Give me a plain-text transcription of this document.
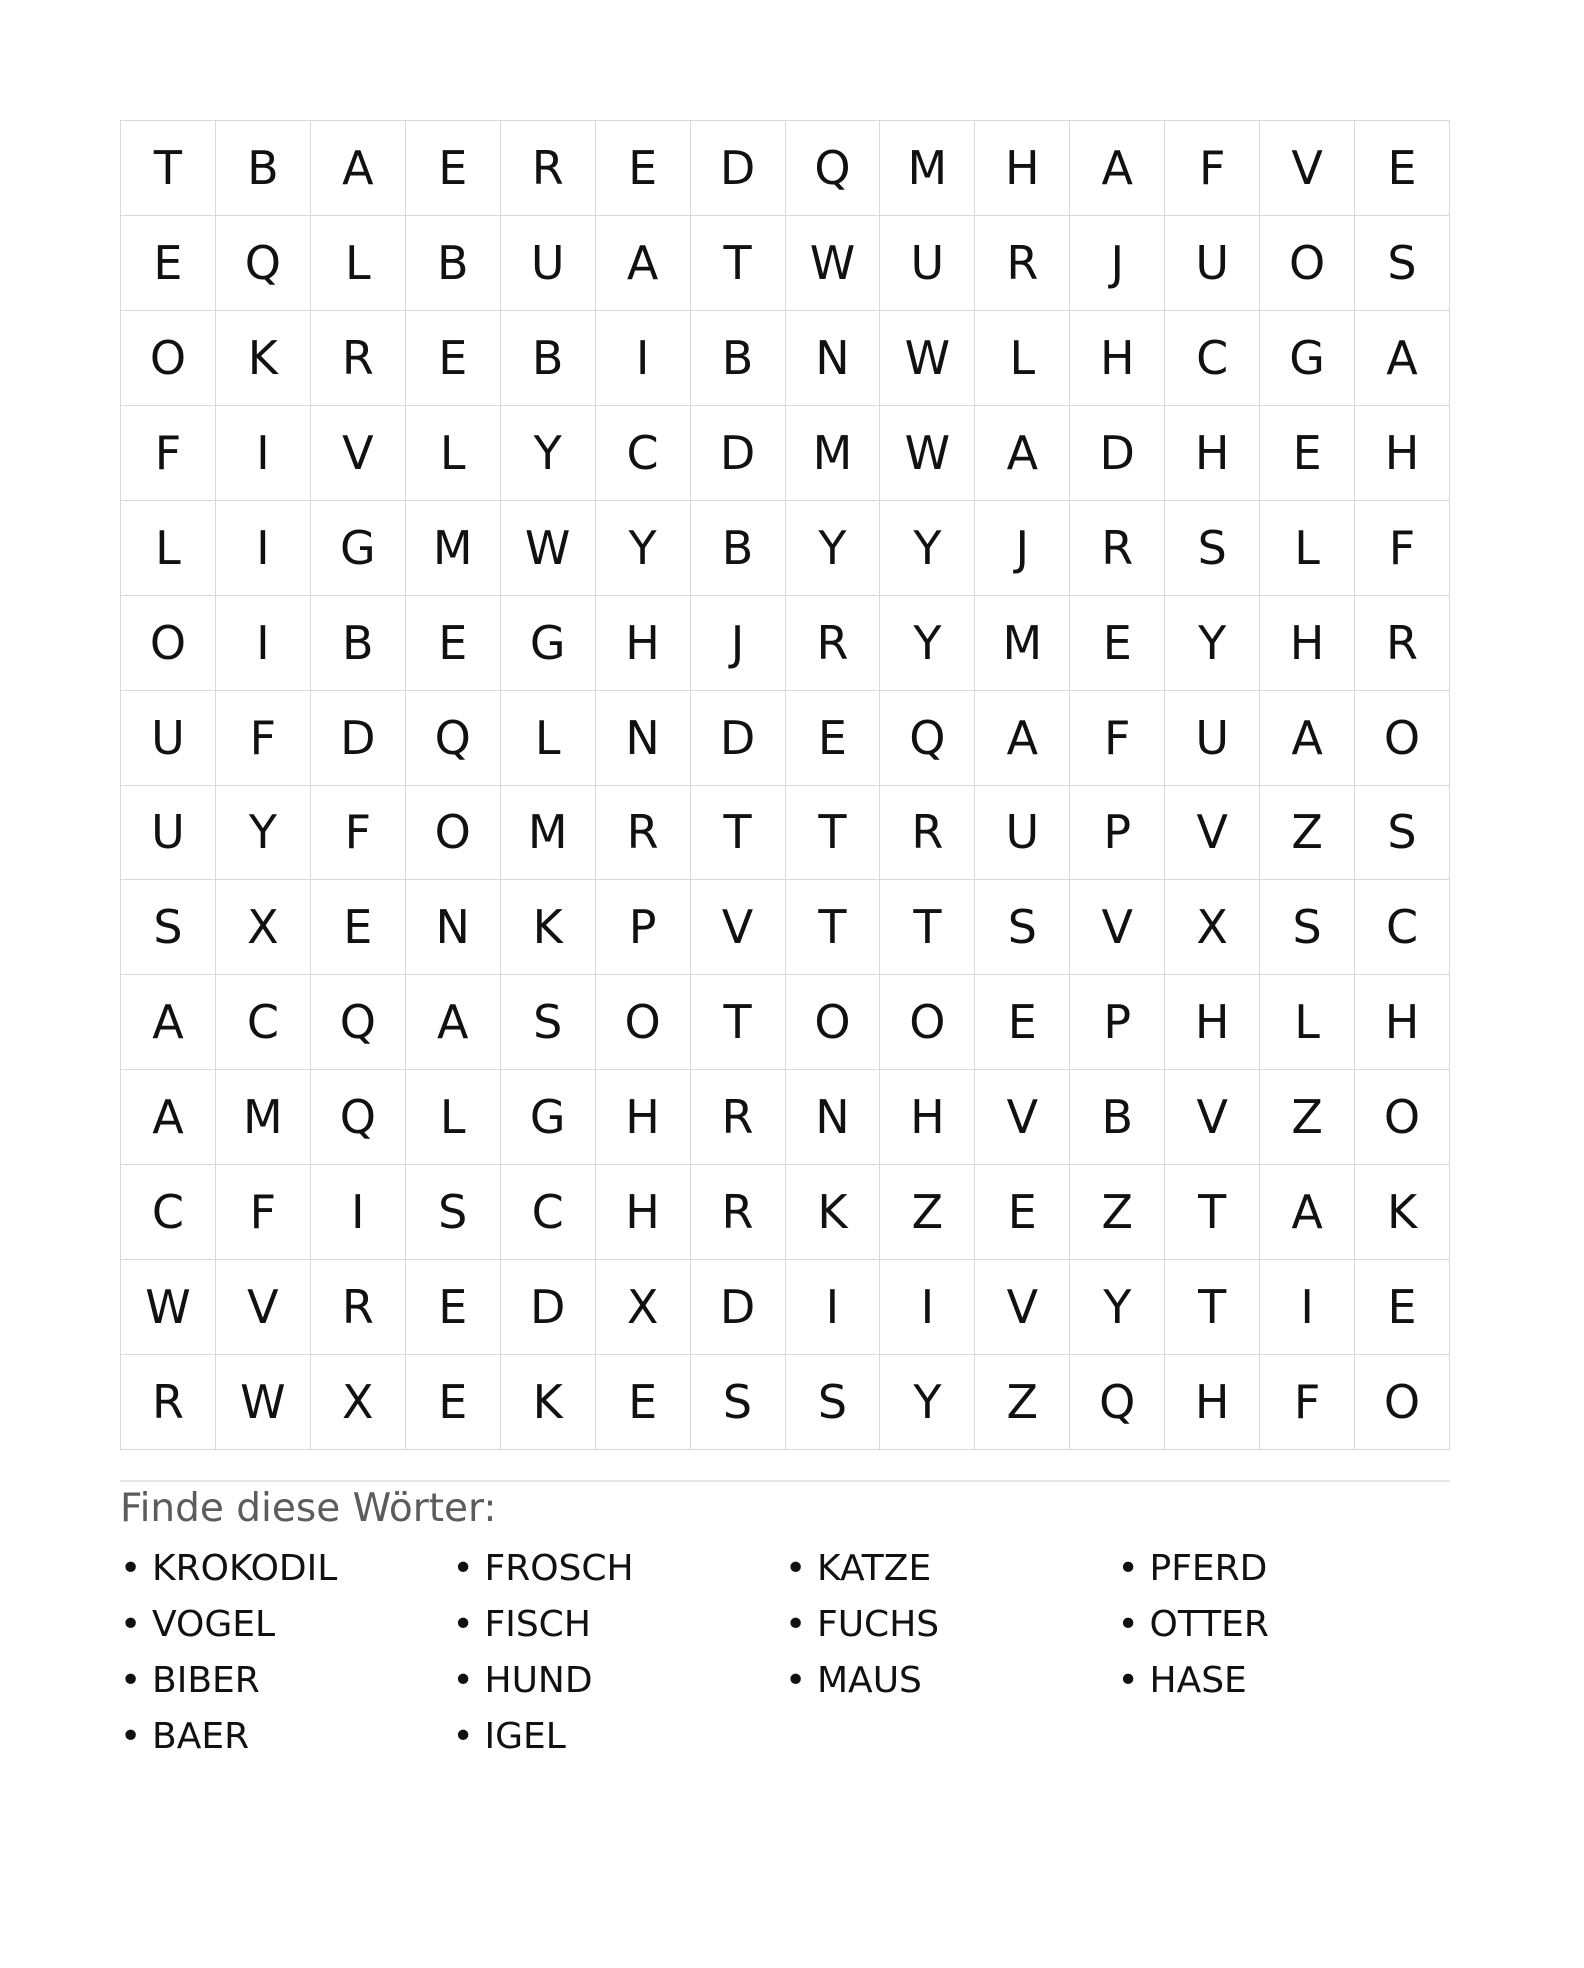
T	B	A	E	R	E	D	Q	M	H	A	F	V	E
E	Q	L	B	U	A	T	W	U	R	J	U	O	S
O	K	R	E	B	I	B	N	W	L	H	C	G	A
F	I	V	L	Y	C	D	M	W	A	D	H	E	H
L	I	G	M	W	Y	B	Y	Y	J	R	S	L	F
O	I	B	E	G	H	J	R	Y	M	E	Y	H	R
U	F	D	Q	L	N	D	E	Q	A	F	U	A	O
U	Y	F	O	M	R	T	T	R	U	P	V	Z	S
S	X	E	N	K	P	V	T	T	S	V	X	S	C
A	C	Q	A	S	O	T	O	O	E	P	H	L	H
A	M	Q	L	G	H	R	N	H	V	B	V	Z	O
C	F	I	S	C	H	R	K	Z	E	Z	T	A	K
W	V	R	E	D	X	D	I	I	V	Y	T	I	E
R	W	X	E	K	E	S	S	Y	Z	Q	H	F	O
Finde diese Wörter:
• KROKODIL	• FROSCH	• KATZE	• PFERD
• VOGEL	• FISCH	• FUCHS	• OTTER
• BIBER	• HUND	• MAUS	• HASE
• BAER	• IGEL
